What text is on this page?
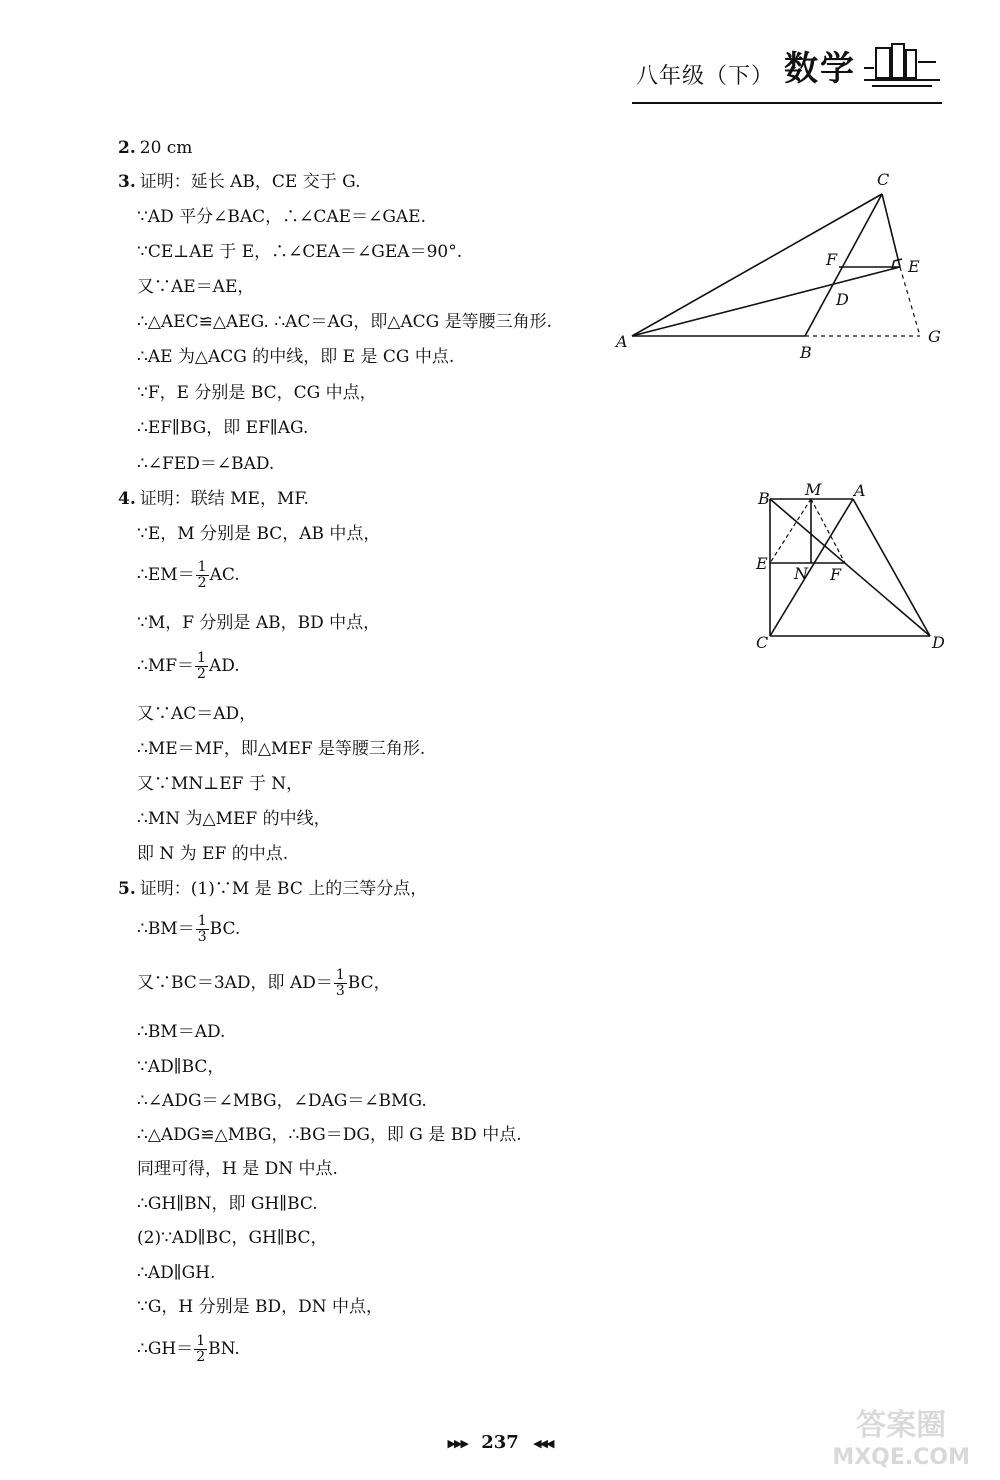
八年级（下） 数学
2. 20 cm
3. 证明：延长 AB，CE 交于 G.
∵AD 平分∠BAC，∴∠CAE＝∠GAE.
∵CE⊥AE 于 E，∴∠CEA＝∠GEA＝90°.
又∵AE＝AE，
∴△AEC≌△AEG. ∴AC＝AG，即△ACG 是等腰三角形.
∴AE 为△ACG 的中线，即 E 是 CG 中点.
∵F，E 分别是 BC，CG 中点，
∴EF∥BG，即 EF∥AG.
∴∠FED＝∠BAD.
4. 证明：联结 ME，MF.
∵E，M 分别是 BC，AB 中点，
∴EM＝ $\frac{1}{2}$ AC.
∵M，F 分别是 AB，BD 中点，
∴MF＝ $\frac{1}{2}$ AD.
又∵AC＝AD，
∴ME＝MF，即△MEF 是等腰三角形.
又∵MN⊥EF 于 N，
∴MN 为△MEF 的中线，
即 N 为 EF 的中点.
5. 证明：(1)∵M 是 BC 上的三等分点，
∴BM＝ $\frac{1}{3}$ BC.
又∵BC＝3AD，即 $AD= \frac{1}{3}$ BC，
∴BM＝AD.
∵AD∥BC，
∴∠ADG＝∠MBG，∠DAG＝∠BMG.
∴△ADG≌△MBG，∴BG＝DG，即 G 是 BD 中点.
同理可得，H 是 DN 中点.
∴GH∥BN，即 GH∥BC.
(2)∵AD∥BC，GH∥BC，
∴AD∥GH.
∵G，H 分别是 BD，DN 中点，
∴GH＝ $\frac{1}{2}$ BN.
C
F	E
D
A
B
G
B M A
E
N F
C	D
▶▶▶ 237 ◀◀◀	答案圈
MXQE.COM
